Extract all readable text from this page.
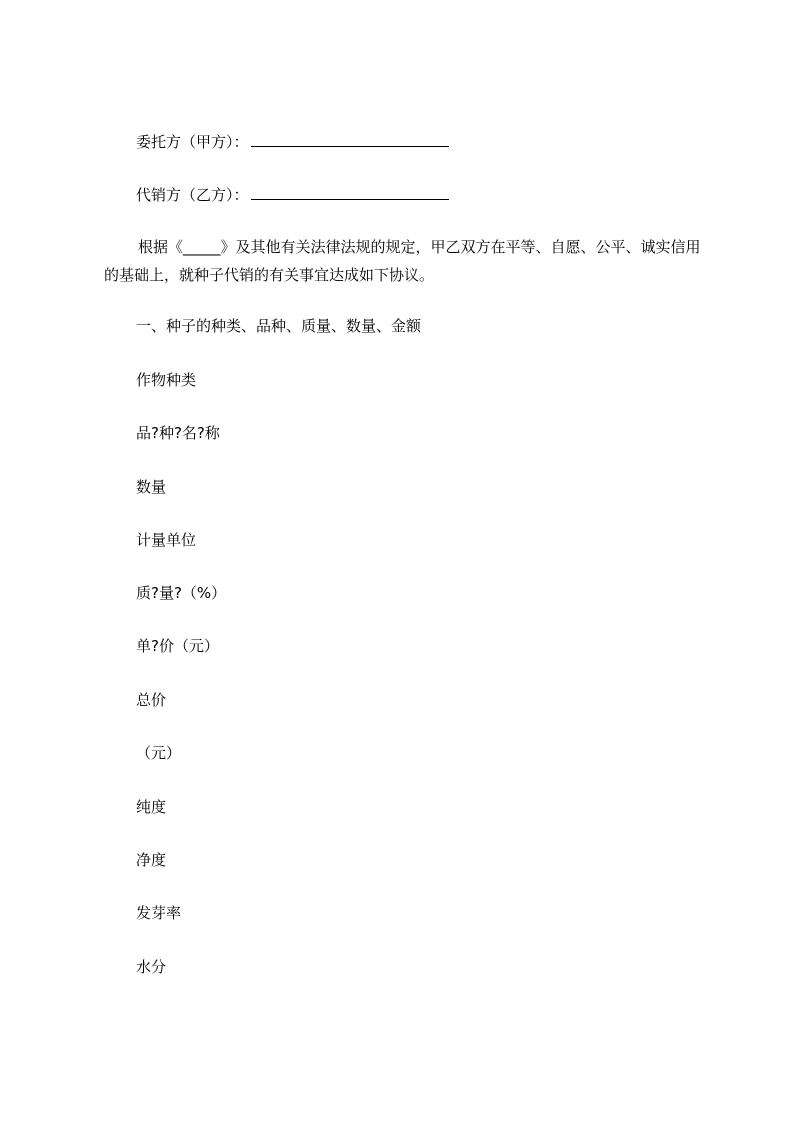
委托方（甲方）：
代销方（乙方）：
根据《_____》及其他有关法律法规的规定，甲乙双方在平等、自愿、公平、诚实信用的基础上，就种子代销的有关事宜达成如下协议。
一、种子的种类、品种、质量、数量、金额
作物种类
品?种?名?称
数量
计量单位
质?量?（%）
单?价（元）
总价
（元）
纯度
净度
发芽率
水分
